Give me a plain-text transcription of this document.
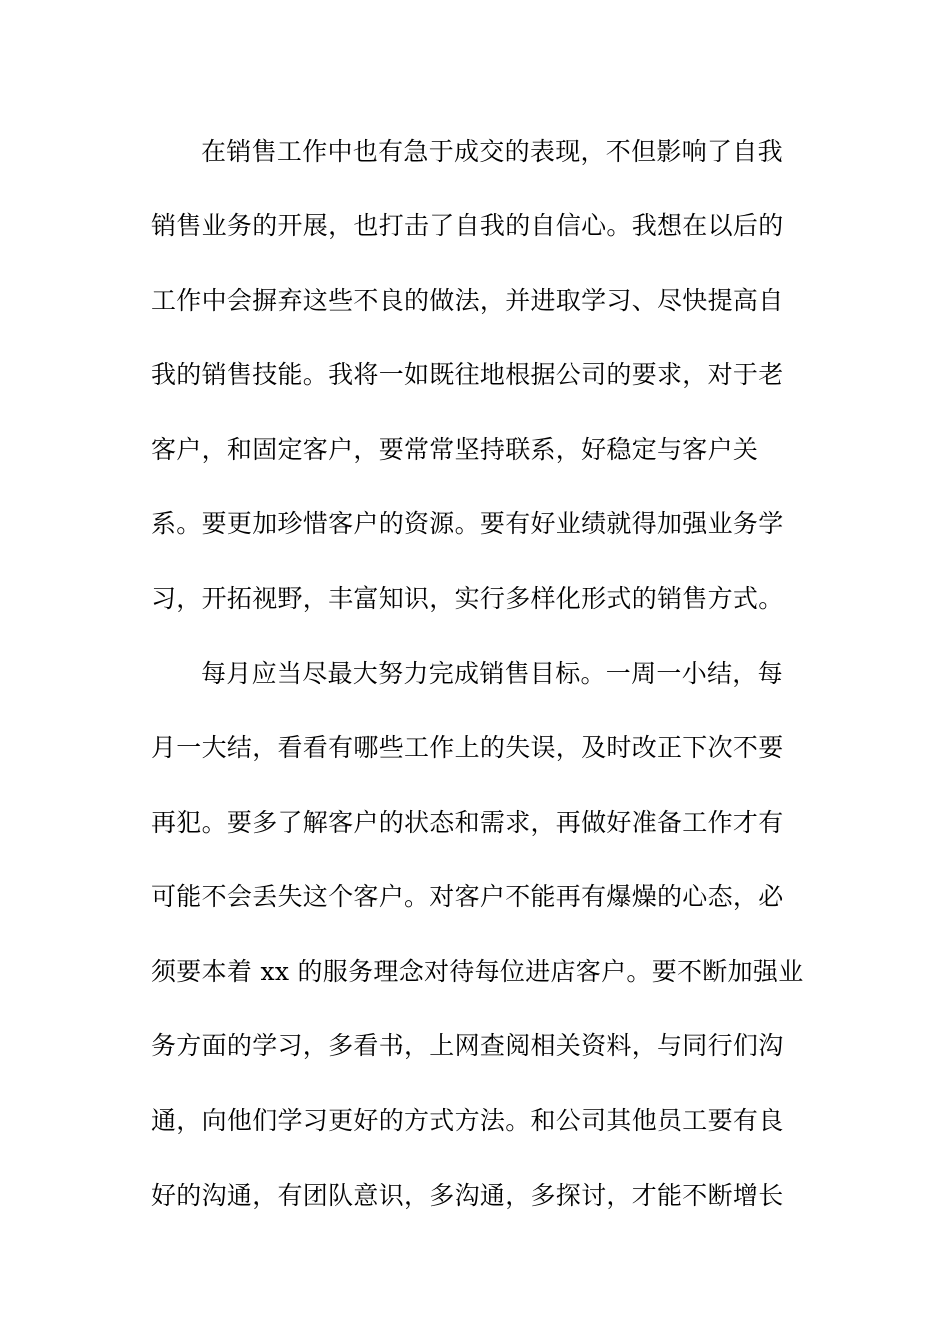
在销售工作中也有急于成交的表现，不但影响了自我
销售业务的开展，也打击了自我的自信心。我想在以后的
工作中会摒弃这些不良的做法，并进取学习、尽快提高自
我的销售技能。我将一如既往地根据公司的要求，对于老
客户，和固定客户，要常常坚持联系，好稳定与客户关
系。要更加珍惜客户的资源。要有好业绩就得加强业务学
习，开拓视野，丰富知识，实行多样化形式的销售方式。
每月应当尽最大努力完成销售目标。一周一小结，每
月一大结，看看有哪些工作上的失误，及时改正下次不要
再犯。要多了解客户的状态和需求，再做好准备工作才有
可能不会丢失这个客户。对客户不能再有爆燥的心态，必
须要本着 xx 的服务理念对待每位进店客户。要不断加强业
务方面的学习，多看书，上网查阅相关资料，与同行们沟
通，向他们学习更好的方式方法。和公司其他员工要有良
好的沟通，有团队意识，多沟通，多探讨，才能不断增长
